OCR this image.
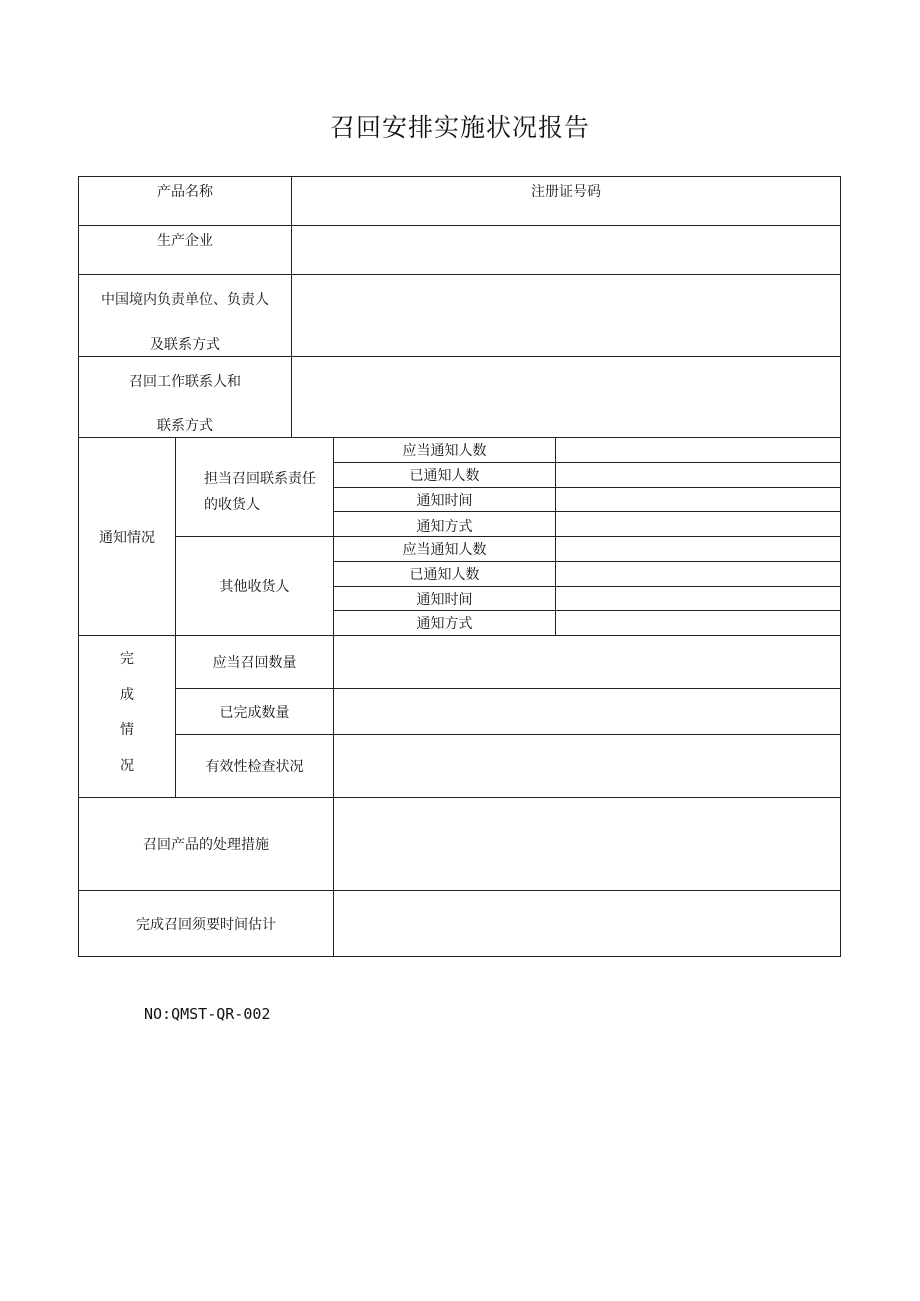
召回安排实施状况报告
产品名称	注册证号码
生产企业
中国境内负责单位、负责人
及联系方式
召回工作联系人和
联系方式
通知情况
担当召回联系责任
的收货人
其他收货人
应当通知人数
已通知人数
通知时间
通知方式
应当通知人数
已通知人数
通知时间
通知方式
完
成
情
况
应当召回数量
已完成数量
有效性检查状况
召回产品的处理措施
完成召回须要时间估计
NO:QMST-QR-002
